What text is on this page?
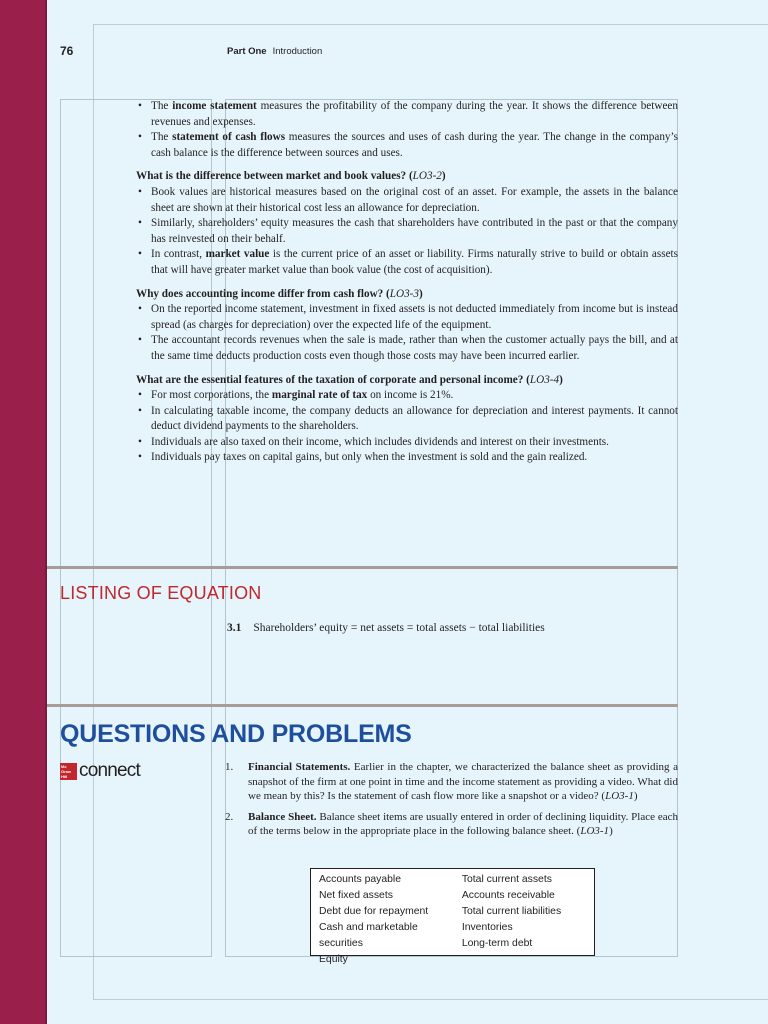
76	Part One Introduction
• The income statement measures the profitability of the company during the year. It shows the difference between revenues and expenses.
• The statement of cash flows measures the sources and uses of cash during the year. The change in the company’s cash balance is the difference between sources and uses.
What is the difference between market and book values? (LO3-2)
• Book values are historical measures based on the original cost of an asset. For example, the assets in the balance sheet are shown at their historical cost less an allowance for depreciation.
• Similarly, shareholders’ equity measures the cash that shareholders have contributed in the past or that the company has reinvested on their behalf.
• In contrast, market value is the current price of an asset or liability. Firms naturally strive to build or obtain assets that will have greater market value than book value (the cost of acquisition).
Why does accounting income differ from cash flow? (LO3-3)
• On the reported income statement, investment in fixed assets is not deducted immediately from income but is instead spread (as charges for depreciation) over the expected life of the equipment.
• The accountant records revenues when the sale is made, rather than when the customer actually pays the bill, and at the same time deducts production costs even though those costs may have been incurred earlier.
What are the essential features of the taxation of corporate and personal income? (LO3-4)
• For most corporations, the marginal rate of tax on income is 21%.
• In calculating taxable income, the company deducts an allowance for depreciation and interest payments. It cannot deduct dividend payments to the shareholders.
• Individuals are also taxed on their income, which includes dividends and interest on their investments.
• Individuals pay taxes on capital gains, but only when the investment is sold and the gain realized.
LISTING OF EQUATION
3.1 Shareholders’ equity = net assets = total assets − total liabilities
QUESTIONS AND PROBLEMS
Mc Graw Hill connect	1. Financial Statements. Earlier in the chapter, we characterized the balance sheet as providing a snapshot of the firm at one point in time and the income statement as providing a video. What did we mean by this? Is the statement of cash flow more like a snapshot or a video? (LO3-1)
2. Balance Sheet. Balance sheet items are usually entered in order of declining liquidity. Place each of the terms below in the appropriate place in the following balance sheet. (LO3-1)
Accounts payable
Net fixed assets
Debt due for repayment
Cash and marketable securities
Equity
Total current assets
Accounts receivable
Total current liabilities
Inventories
Long-term debt
